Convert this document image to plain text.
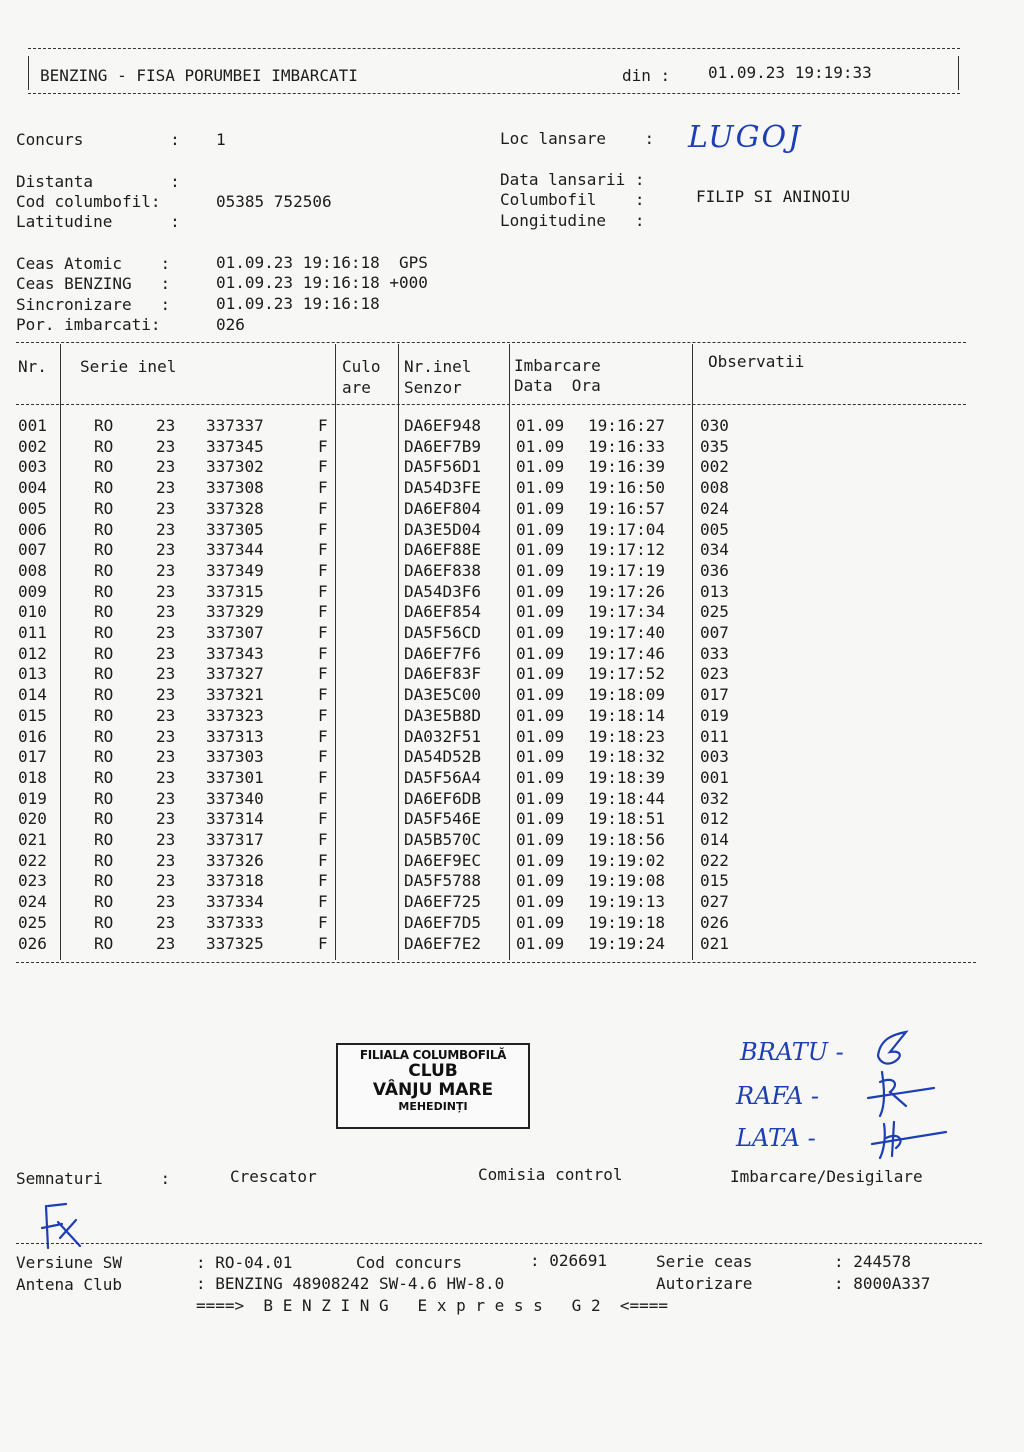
BENZING - FISA PORUMBEI IMBARCATI	din : 01.09.23 19:19:33
Concurs         : 1	Loc lansare    : LUGOJ
Distanta        :
Cod columbofil:	05385 752506
Latitudine      :
Data lansarii :
Columbofil    :	FILIP SI ANINOIU
Longitudine   :
Ceas Atomic    :	01.09.23 19:16:18  GPS
Ceas BENZING   :	01.09.23 19:16:18 +000
Sincronizare   :	01.09.23 19:16:18
Por. imbarcati:	026
Nr. Serie inel	Culo
are
Nr.inel
Senzor
Imbarcare
Data  Ora
Observatii
001	RO	23 337337	F	DA6EF948 01.09 19:16:27 030
002	RO	23 337345	F	DA6EF7B9 01.09 19:16:33 035
003	RO	23 337302	F	DA5F56D1 01.09 19:16:39 002
004	RO	23 337308	F	DA54D3FE 01.09 19:16:50 008
005	RO	23 337328	F	DA6EF804 01.09 19:16:57 024
006	RO	23 337305	F	DA3E5D04 01.09 19:17:04 005
007	RO	23 337344	F	DA6EF88E 01.09 19:17:12 034
008	RO	23 337349	F	DA6EF838 01.09 19:17:19 036
009	RO	23 337315	F	DA54D3F6 01.09 19:17:26 013
010	RO	23 337329	F	DA6EF854 01.09 19:17:34 025
011	RO	23 337307	F	DA5F56CD 01.09 19:17:40 007
012	RO	23 337343	F	DA6EF7F6 01.09 19:17:46 033
013	RO	23 337327	F	DA6EF83F 01.09 19:17:52 023
014	RO	23 337321	F	DA3E5C00 01.09 19:18:09 017
015	RO	23 337323	F	DA3E5B8D 01.09 19:18:14 019
016	RO	23 337313	F	DA032F51 01.09 19:18:23 011
017	RO	23 337303	F	DA54D52B 01.09 19:18:32 003
018	RO	23 337301	F	DA5F56A4 01.09 19:18:39 001
019	RO	23 337340	F	DA6EF6DB 01.09 19:18:44 032
020	RO	23 337314	F	DA5F546E 01.09 19:18:51 012
021	RO	23 337317	F	DA5B570C 01.09 19:18:56 014
022	RO	23 337326	F	DA6EF9EC 01.09 19:19:02 022
023	RO	23 337318	F	DA5F5788 01.09 19:19:08 015
024	RO	23 337334	F	DA6EF725 01.09 19:19:13 027
025	RO	23 337333	F	DA6EF7D5 01.09 19:19:18 026
026	RO	23 337325	F	DA6EF7E2 01.09 19:19:24 021
FILIALA COLUMBOFILĂ
CLUB
VÂNJU MARE
MEHEDINȚI
BRATU -
RAFA -
LATA -
Semnaturi      :	Crescator	Comisia control	Imbarcare/Desigilare
Versiune SW	: RO-04.01	Cod concurs	: 026691	Serie ceas	: 244578
Antena Club	: BENZING 48908242 SW-4.6 HW-8.0	Autorizare	: 8000A337
====>  B E N Z I N G   E x p r e s s   G 2  <====
